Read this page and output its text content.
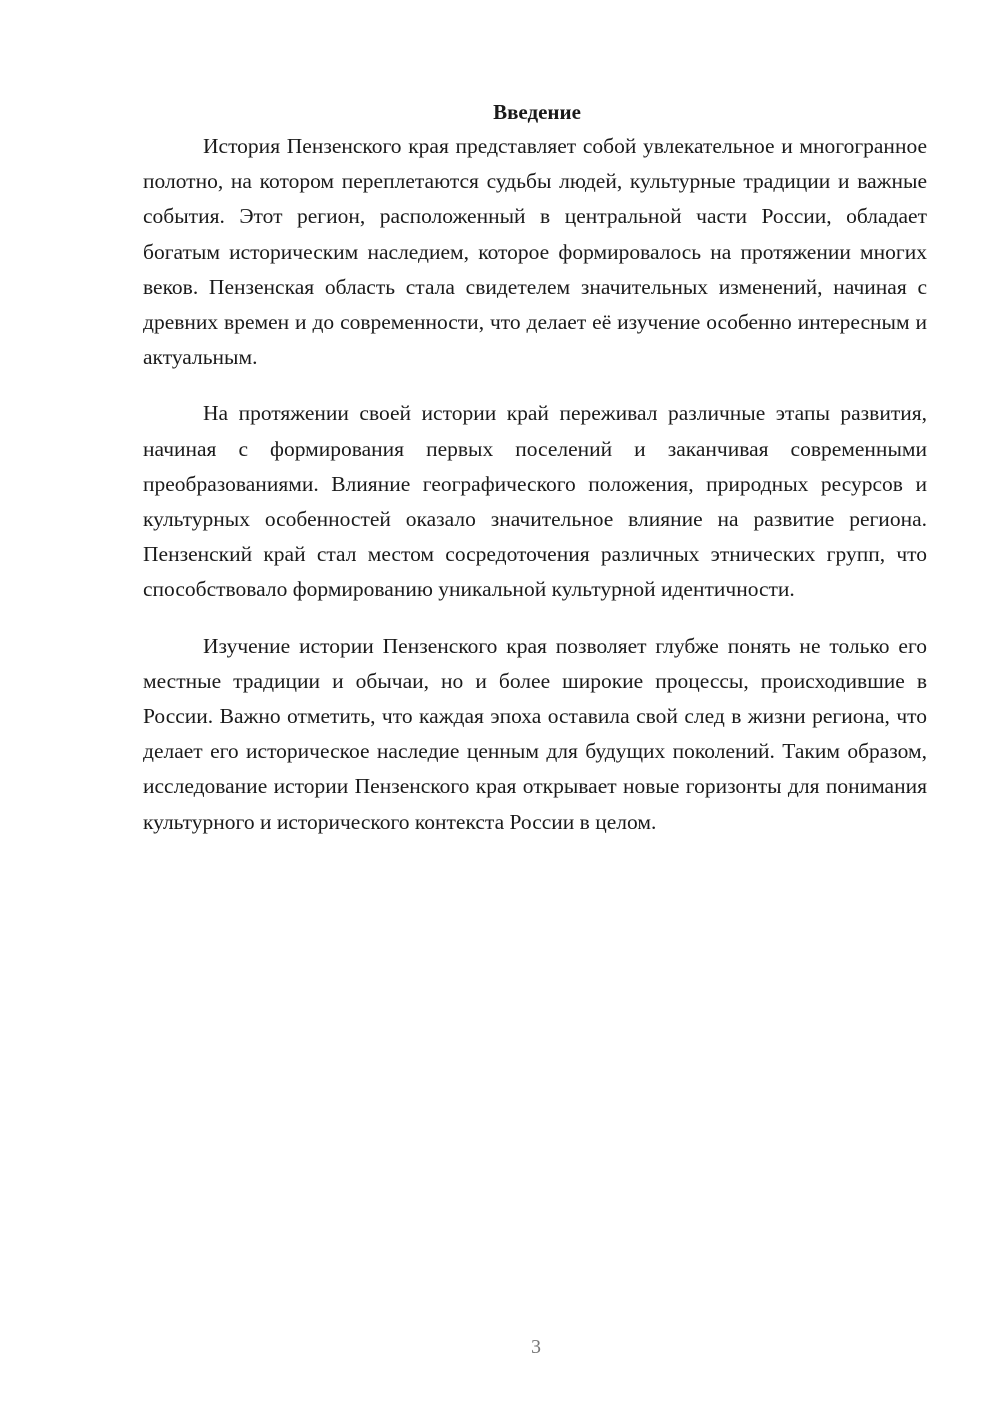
Введение

История Пензенского края представляет собой увлекательное и многогранное полотно, на котором переплетаются судьбы людей, культурные традиции и важные события. Этот регион, расположенный в центральной части России, обладает богатым историческим наследием, которое формировалось на протяжении многих веков. Пензенская область стала свидетелем значительных изменений, начиная с древних времен и до современности, что делает её изучение особенно интересным и актуальным.

На протяжении своей истории край переживал различные этапы развития, начиная с формирования первых поселений и заканчивая современными преобразованиями. Влияние географического положения, природных ресурсов и культурных особенностей оказало значительное влияние на развитие региона. Пензенский край стал местом сосредоточения различных этнических групп, что способствовало формированию уникальной культурной идентичности.

Изучение истории Пензенского края позволяет глубже понять не только его местные традиции и обычаи, но и более широкие процессы, происходившие в России. Важно отметить, что каждая эпоха оставила свой след в жизни региона, что делает его историческое наследие ценным для будущих поколений. Таким образом, исследование истории Пензенского края открывает новые горизонты для понимания культурного и исторического контекста России в целом.

3
